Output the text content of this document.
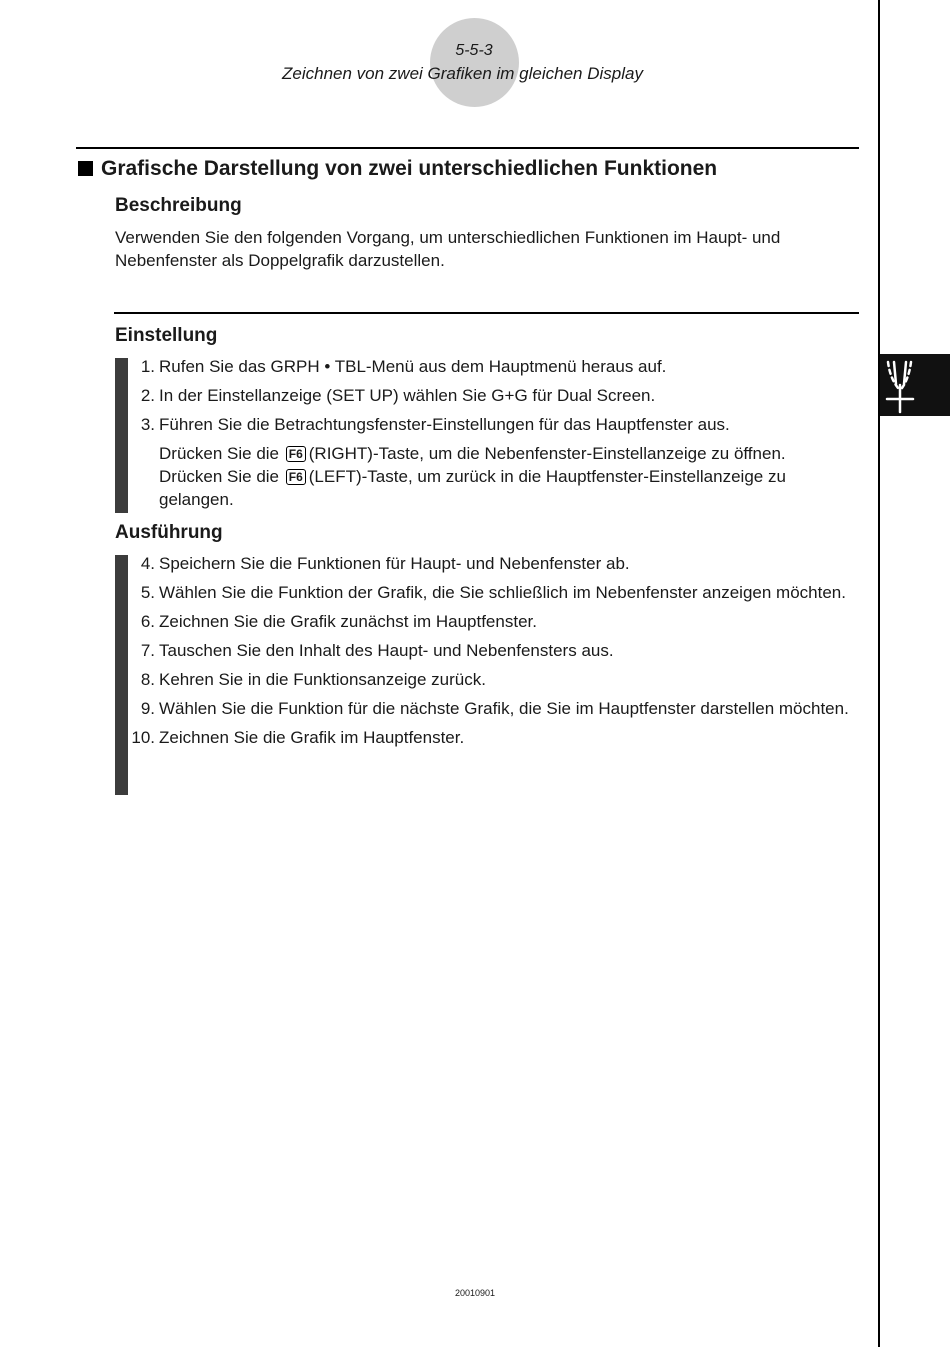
5-5-3
Zeichnen von zwei Grafiken im gleichen Display
Grafische Darstellung von zwei unterschiedlichen Funktionen
Beschreibung
Verwenden Sie den folgenden Vorgang, um unterschiedlichen Funktionen im Haupt- und Nebenfenster als Doppelgrafik darzustellen.
Einstellung
1. Rufen Sie das GRPH • TBL-Menü aus dem Hauptmenü heraus auf.
2. In der Einstellanzeige (SET UP) wählen Sie G+G für Dual Screen.
3. Führen Sie die Betrachtungsfenster-Einstellungen für das Hauptfenster aus.
Drücken Sie die F6 (RIGHT)-Taste, um die Nebenfenster-Einstellanzeige zu öffnen.
Drücken Sie die F6 (LEFT)-Taste, um zurück in die Hauptfenster-Einstellanzeige zu gelangen.
Ausführung
4. Speichern Sie die Funktionen für Haupt- und Nebenfenster ab.
5. Wählen Sie die Funktion der Grafik, die Sie schließlich im Nebenfenster anzeigen möchten.
6. Zeichnen Sie die Grafik zunächst im Hauptfenster.
7. Tauschen Sie den Inhalt des Haupt- und Nebenfensters aus.
8. Kehren Sie in die Funktionsanzeige zurück.
9. Wählen Sie die Funktion für die nächste Grafik, die Sie im Hauptfenster darstellen möchten.
10. Zeichnen Sie die Grafik im Hauptfenster.
20010901
